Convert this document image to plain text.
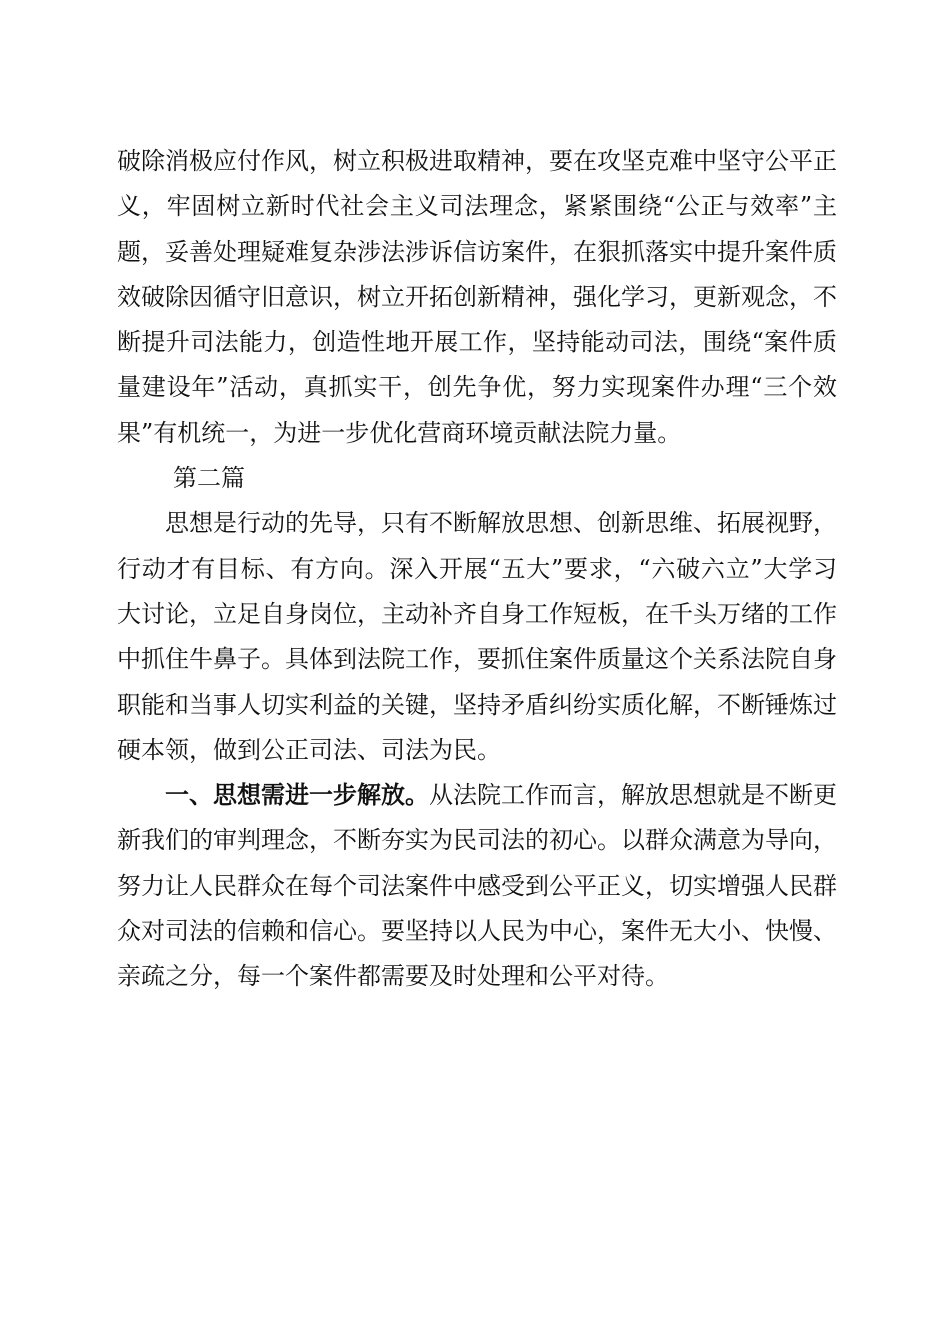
破除消极应付作风，树立积极进取精神，要在攻坚克难中坚守公平正义，牢固树立新时代社会主义司法理念，紧紧围绕“公正与效率”主题，妥善处理疑难复杂涉法涉诉信访案件，在狠抓落实中提升案件质效破除因循守旧意识，树立开拓创新精神，强化学习，更新观念，不断提升司法能力，创造性地开展工作，坚持能动司法，围绕“案件质量建设年”活动，真抓实干，创先争优，努力实现案件办理“三个效果”有机统一，为进一步优化营商环境贡献法院力量。

第二篇

思想是行动的先导，只有不断解放思想、创新思维、拓展视野，行动才有目标、有方向。深入开展“五大”要求，“六破六立”大学习大讨论，立足自身岗位，主动补齐自身工作短板，在千头万绪的工作中抓住牛鼻子。具体到法院工作，要抓住案件质量这个关系法院自身职能和当事人切实利益的关键，坚持矛盾纠纷实质化解，不断锤炼过硬本领，做到公正司法、司法为民。

一、思想需进一步解放。从法院工作而言，解放思想就是不断更新我们的审判理念，不断夯实为民司法的初心。以群众满意为导向，努力让人民群众在每个司法案件中感受到公平正义，切实增强人民群众对司法的信赖和信心。要坚持以人民为中心，案件无大小、快慢、亲疏之分，每一个案件都需要及时处理和公平对待。
